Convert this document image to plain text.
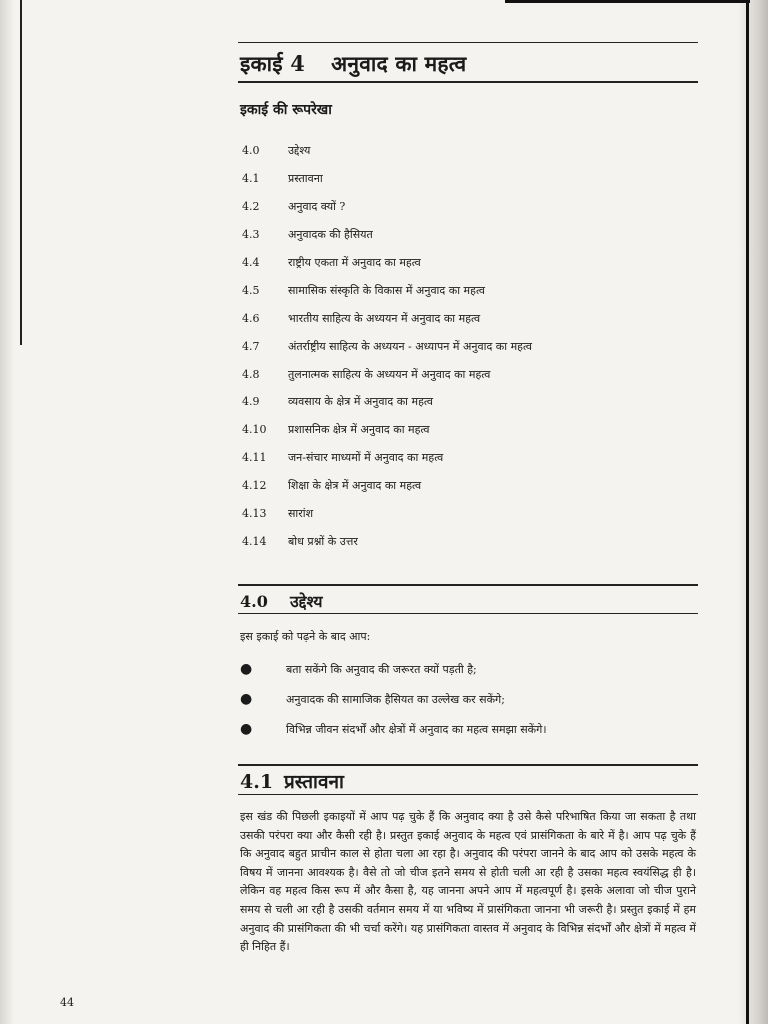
इकाई 4 अनुवाद का महत्व
इकाई की रूपरेखा
4.0	उद्देश्य
4.1	प्रस्तावना
4.2	अनुवाद क्यों ?
4.3	अनुवादक की हैसियत
4.4	राष्ट्रीय एकता में अनुवाद का महत्व
4.5	सामासिक संस्कृति के विकास में अनुवाद का महत्व
4.6	भारतीय साहित्य के अध्ययन में अनुवाद का महत्व
4.7	अंतर्राष्ट्रीय साहित्य के अध्ययन - अध्यापन में अनुवाद का महत्व
4.8	तुलनात्मक साहित्य के अध्ययन में अनुवाद का महत्व
4.9	व्यवसाय के क्षेत्र में अनुवाद का महत्व
4.10	प्रशासनिक क्षेत्र में अनुवाद का महत्व
4.11	जन-संचार माध्यमों में अनुवाद का महत्व
4.12	शिक्षा के क्षेत्र में अनुवाद का महत्व
4.13	सारांश
4.14	बोध प्रश्नों के उत्तर
4.0 उद्देश्य
इस इकाई को पढ़ने के बाद आप:
●	बता सकेंगे कि अनुवाद की जरूरत क्यों पड़ती है;
●	अनुवादक की सामाजिक हैसियत का उल्लेख कर सकेंगे;
●	विभिन्न जीवन संदर्भों और क्षेत्रों में अनुवाद का महत्व समझा सकेंगे।
4.1 प्रस्तावना
इस खंड की पिछली इकाइयों में आप पढ़ चुके हैं कि अनुवाद क्या है उसे कैसे परिभाषित किया जा सकता है तथा उसकी परंपरा क्या और कैसी रही है। प्रस्तुत इकाई अनुवाद के महत्व एवं प्रासंगिकता के बारे में है। आप पढ़ चुके हैं कि अनुवाद बहुत प्राचीन काल से होता चला आ रहा है। अनुवाद की परंपरा जानने के बाद आप को उसके महत्व के विषय में जानना आवश्यक है। वैसे तो जो चीज इतने समय से होती चली आ रही है उसका महत्व स्वयंसिद्ध ही है। लेकिन वह महत्व किस रूप में और कैसा है, यह जानना अपने आप में महत्वपूर्ण है। इसके अलावा जो चीज पुराने समय से चली आ रही है उसकी वर्तमान समय में या भविष्य में प्रासंगिकता जानना भी जरूरी है। प्रस्तुत इकाई में हम अनुवाद की प्रासंगिकता की भी चर्चा करेंगे। यह प्रासंगिकता वास्तव में अनुवाद के विभिन्न संदर्भों और क्षेत्रों में महत्व में ही निहित हैं।
44
